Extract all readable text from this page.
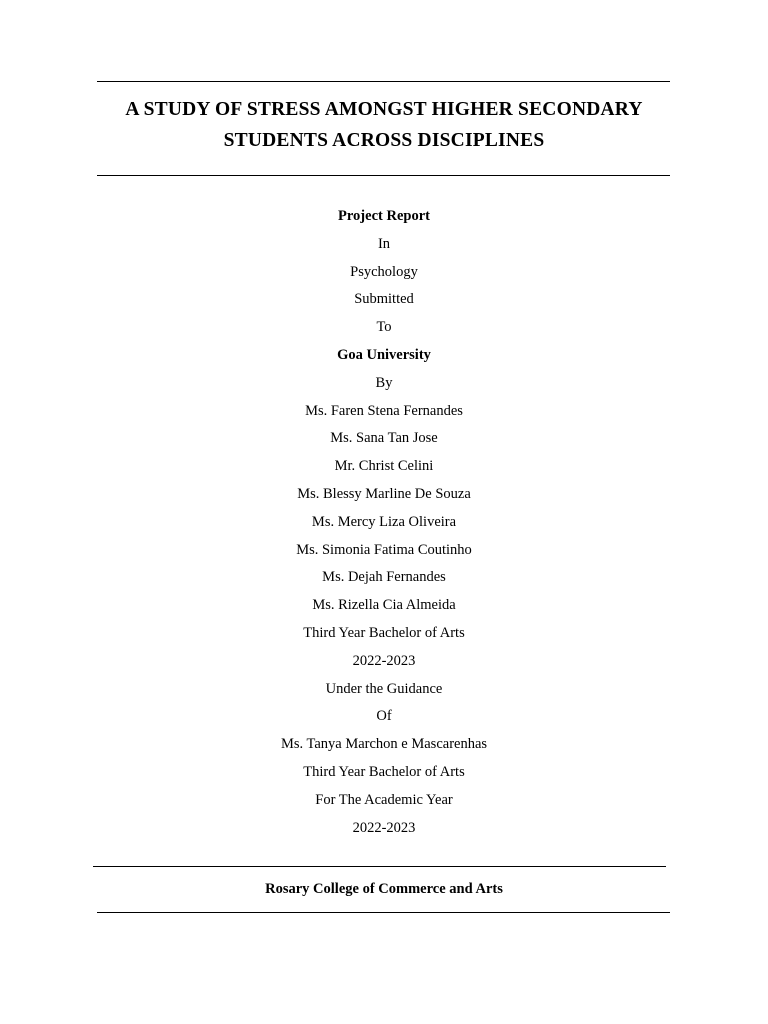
A STUDY OF STRESS AMONGST HIGHER SECONDARY
STUDENTS ACROSS DISCIPLINES

Project Report

In

Psychology

Submitted

To

Goa University

By

Ms. Faren Stena Fernandes

Ms. Sana Tan Jose

Mr. Christ Celini

Ms. Blessy Marline De Souza

Ms. Mercy Liza Oliveira

Ms. Simonia Fatima Coutinho

Ms. Dejah Fernandes

Ms. Rizella Cia Almeida

Third Year Bachelor of Arts

2022-2023

Under the Guidance

Of

Ms. Tanya Marchon e Mascarenhas

Third Year Bachelor of Arts

For The Academic Year

2022-2023

Rosary College of Commerce and Arts
